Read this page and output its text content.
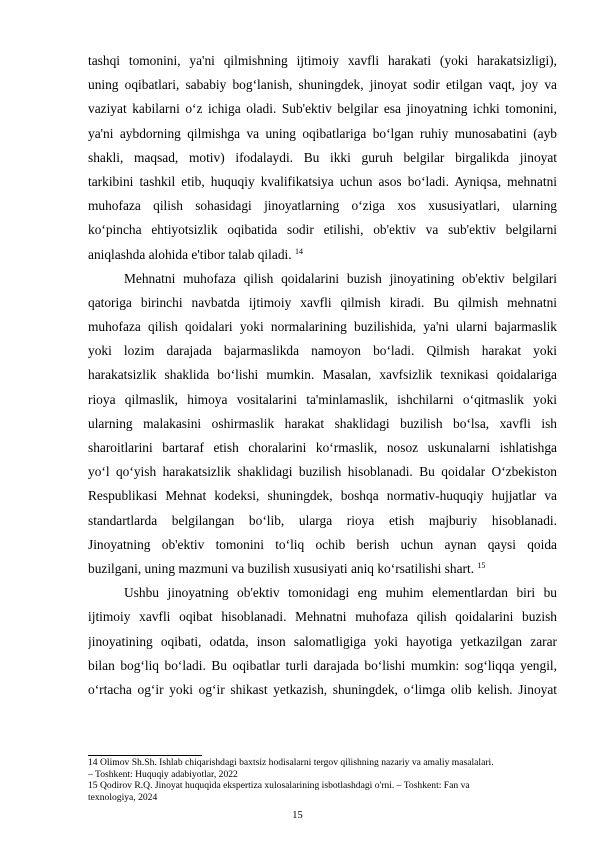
tashqi tomonini, ya'ni qilmishning ijtimoiy xavfli harakati (yoki harakatsizligi),
uning oqibatlari, sababiy bog‘lanish, shuningdek, jinoyat sodir etilgan vaqt, joy va
vaziyat kabilarni o‘z ichiga oladi. Sub'ektiv belgilar esa jinoyatning ichki tomonini,
ya'ni aybdorning qilmishga va uning oqibatlariga bo‘lgan ruhiy munosabatini (ayb
shakli, maqsad, motiv) ifodalaydi. Bu ikki guruh belgilar birgalikda jinoyat
tarkibini tashkil etib, huquqiy kvalifikatsiya uchun asos bo‘ladi. Ayniqsa, mehnatni
muhofaza qilish sohasidagi jinoyatlarning o‘ziga xos xususiyatlari, ularning
ko‘pincha ehtiyotsizlik oqibatida sodir etilishi, ob'ektiv va sub'ektiv belgilarni
aniqlashda alohida e'tibor talab qiladi. $^{14}$
Mehnatni muhofaza qilish qoidalarini buzish jinoyatining ob'ektiv belgilari
qatoriga birinchi navbatda ijtimoiy xavfli qilmish kiradi. Bu qilmish mehnatni
muhofaza qilish qoidalari yoki normalarining buzilishida, ya'ni ularni bajarmaslik
yoki lozim darajada bajarmaslikda namoyon bo‘ladi. Qilmish harakat yoki
harakatsizlik shaklida bo‘lishi mumkin. Masalan, xavfsizlik texnikasi qoidalariga
rioya qilmaslik, himoya vositalarini ta'minlamaslik, ishchilarni o‘qitmaslik yoki
ularning malakasini oshirmaslik harakat shaklidagi buzilish bo‘lsa, xavfli ish
sharoitlarini bartaraf etish choralarini ko‘rmaslik, nosoz uskunalarni ishlatishga
yo‘l qo‘yish harakatsizlik shaklidagi buzilish hisoblanadi. Bu qoidalar O‘zbekiston
Respublikasi Mehnat kodeksi, shuningdek, boshqa normativ-huquqiy hujjatlar va
standartlarda belgilangan bo‘lib, ularga rioya etish majburiy hisoblanadi.
Jinoyatning ob'ektiv tomonini to‘liq ochib berish uchun aynan qaysi qoida
buzilgani, uning mazmuni va buzilish xususiyati aniq ko‘rsatilishi shart. $^{15}$
Ushbu jinoyatning ob'ektiv tomonidagi eng muhim elementlardan biri bu
ijtimoiy xavfli oqibat hisoblanadi. Mehnatni muhofaza qilish qoidalarini buzish
jinoyatining oqibati, odatda, inson salomatligiga yoki hayotiga yetkazilgan zarar
bilan bog‘liq bo‘ladi. Bu oqibatlar turli darajada bo‘lishi mumkin: sog‘liqqa yengil,
o‘rtacha og‘ir yoki og‘ir shikast yetkazish, shuningdek, o‘limga olib kelish. Jinoyat
14 Olimov Sh.Sh. Ishlab chiqarishdagi baxtsiz hodisalarni tergov qilishning nazariy va amaliy masalalari.
– Toshkent: Huquqiy adabiyotlar, 2022
15 Qodirov R.Q. Jinoyat huquqida ekspertiza xulosalarining isbotlashdagi o'rni. – Toshkent: Fan va
texnologiya, 2024
15
